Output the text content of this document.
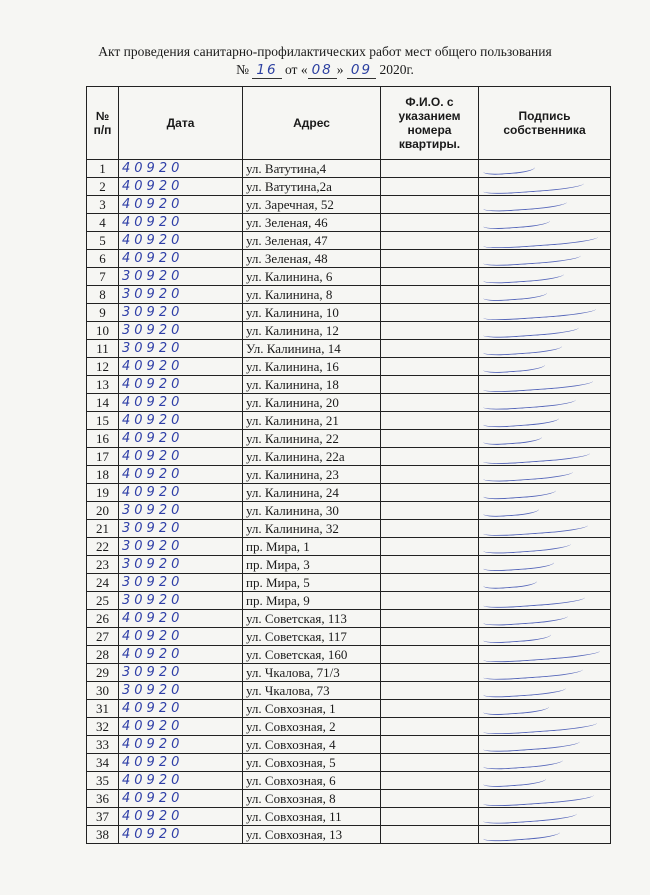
Акт проведения санитарно-профилактических работ мест общего пользования
№ 16 от « 08 » 09 2020г.
№ п/п	Дата	Адрес	Ф.И.О. с указанием номера квартиры.	Подпись собственника
1	40920	ул. Ватутина,4		

2	40920	ул. Ватутина,2а		

3	40920	ул. Заречная, 52		

4	40920	ул. Зеленая, 46		

5	40920	ул. Зеленая, 47		

6	40920	ул. Зеленая, 48		

7	30920	ул. Калинина, 6		

8	30920	ул. Калинина, 8		

9	30920	ул. Калинина, 10		

10	30920	ул. Калинина, 12		

11	30920	Ул. Калинина, 14		

12	40920	ул. Калинина, 16		

13	40920	ул. Калинина, 18		

14	40920	ул. Калинина, 20		

15	40920	ул. Калинина, 21		

16	40920	ул. Калинина, 22		

17	40920	ул. Калинина, 22а		

18	40920	ул. Калинина, 23		

19	40920	ул. Калинина, 24		

20	30920	ул. Калинина, 30		

21	30920	ул. Калинина, 32		

22	30920	пр. Мира, 1		

23	30920	пр. Мира, 3		

24	30920	пр. Мира, 5		

25	30920	пр. Мира, 9		

26	40920	ул. Советская, 113		

27	40920	ул. Советская, 117		

28	40920	ул. Советская, 160		

29	30920	ул. Чкалова, 71/3		

30	30920	ул. Чкалова, 73		

31	40920	ул. Совхозная, 1		

32	40920	ул. Совхозная, 2		

33	40920	ул. Совхозная, 4		

34	40920	ул. Совхозная, 5		

35	40920	ул. Совхозная, 6		

36	40920	ул. Совхозная, 8		

37	40920	ул. Совхозная, 11		

38	40920	ул. Совхозная, 13		
